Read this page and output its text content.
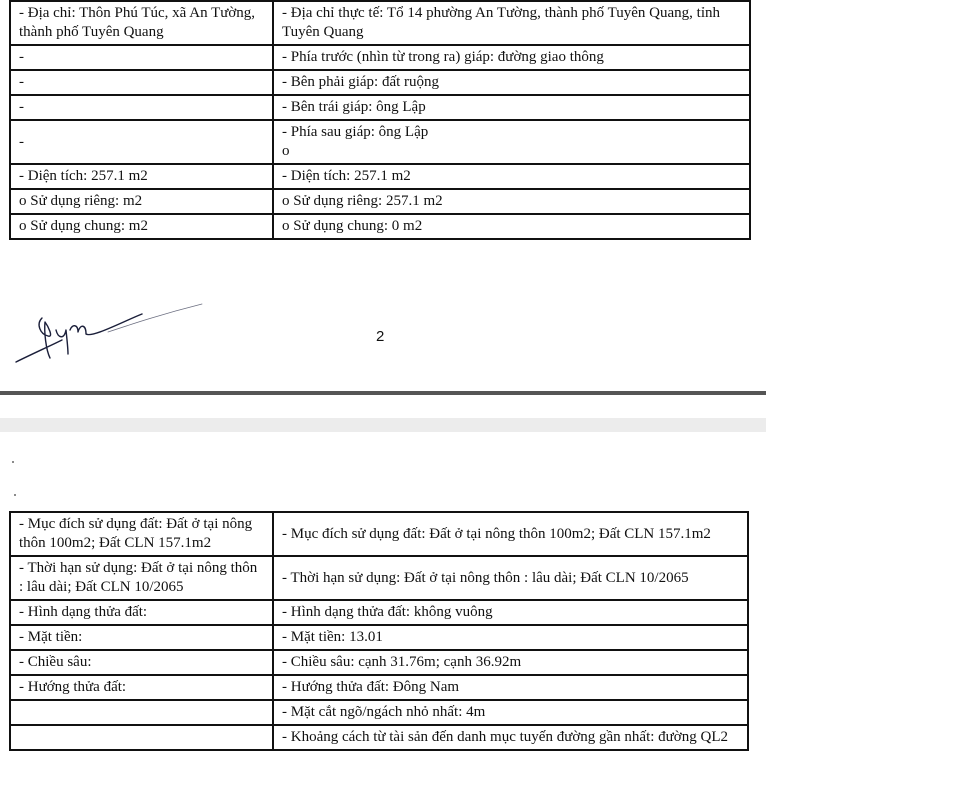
- Địa chỉ: Thôn Phú Túc, xã An Tường, thành phố Tuyên Quang	- Địa chỉ thực tế: Tổ 14 phường An Tường, thành phố Tuyên Quang, tỉnh Tuyên Quang
-	- Phía trước (nhìn từ trong ra) giáp: đường giao thông
-	- Bên phải giáp: đất ruộng
-	- Bên trái giáp: ông Lập
-	- Phía sau giáp: ông Lập
o
- Diện tích: 257.1 m2	- Diện tích: 257.1 m2
o Sử dụng riêng: m2	o Sử dụng riêng: 257.1 m2
o Sử dụng chung: m2	o Sử dụng chung: 0 m2
2
- Mục đích sử dụng đất: Đất ở tại nông thôn 100m2; Đất CLN 157.1m2	- Mục đích sử dụng đất: Đất ở tại nông thôn 100m2; Đất CLN 157.1m2
- Thời hạn sử dụng: Đất ở tại nông thôn : lâu dài; Đất CLN 10/2065	- Thời hạn sử dụng: Đất ở tại nông thôn : lâu dài; Đất CLN 10/2065
- Hình dạng thửa đất:	- Hình dạng thửa đất: không vuông
- Mặt tiền:	- Mặt tiền: 13.01
- Chiều sâu:	- Chiều sâu: cạnh 31.76m; cạnh 36.92m
- Hướng thửa đất:	- Hướng thửa đất: Đông Nam
	- Mặt cắt ngõ/ngách nhỏ nhất: 4m
	- Khoảng cách từ tài sản đến danh mục tuyến đường gần nhất: đường QL2
